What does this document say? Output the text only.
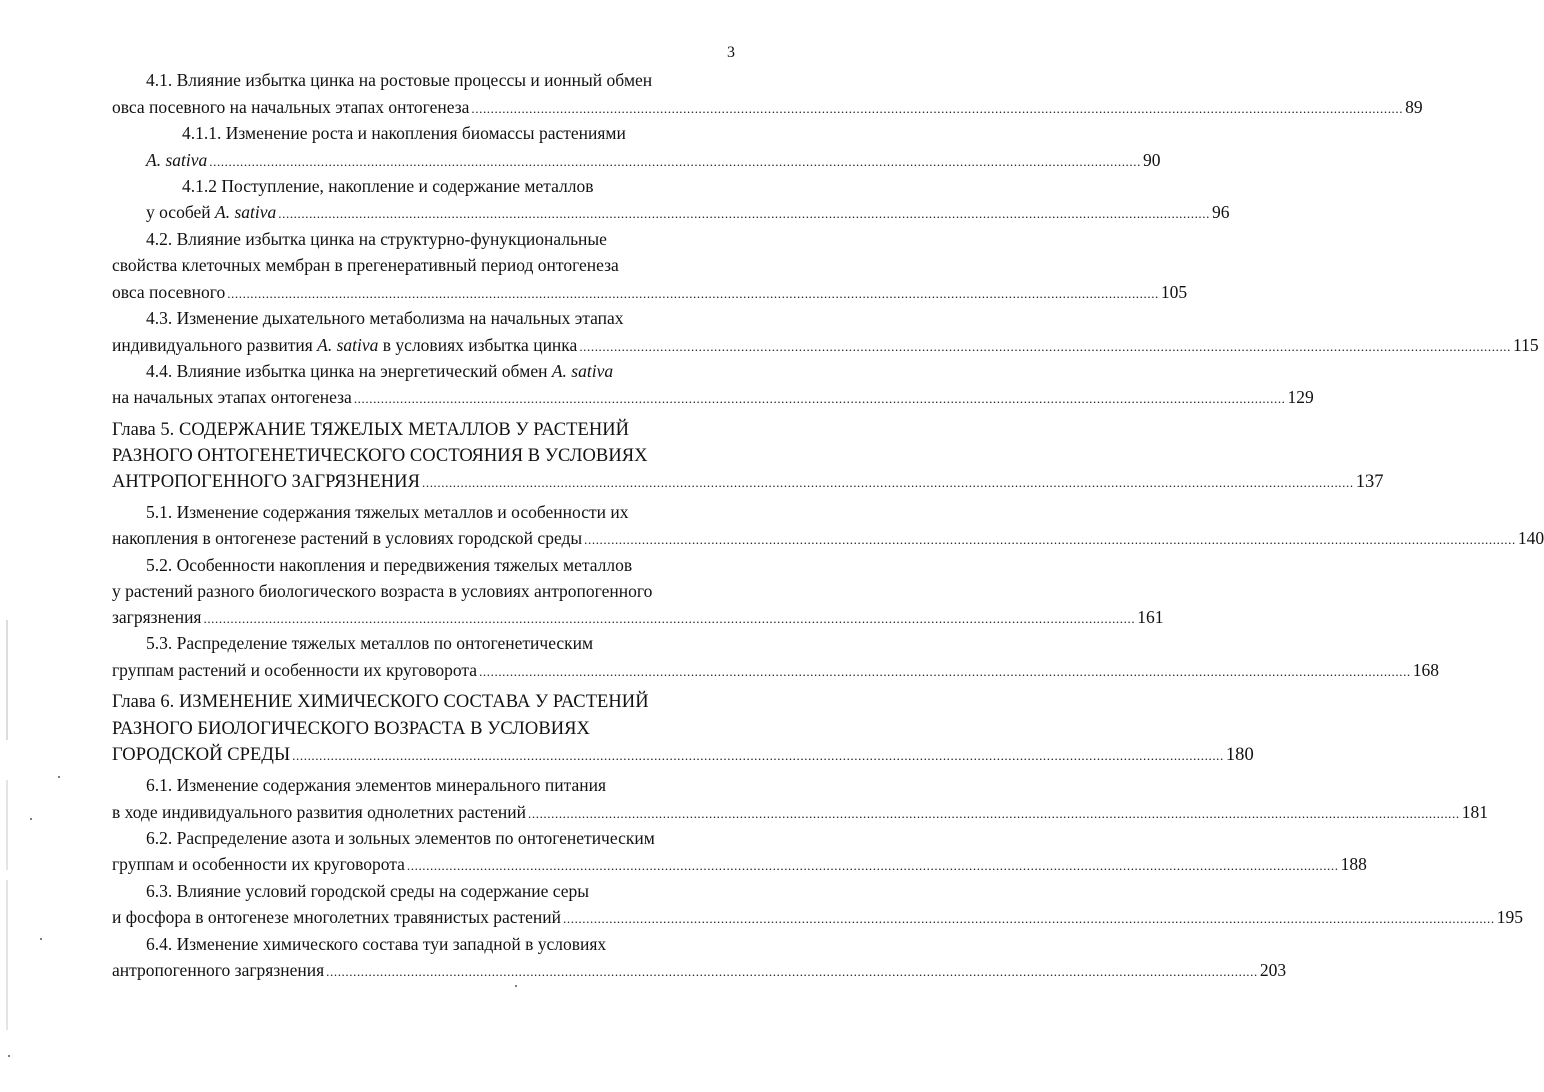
3
4.1. Влияние избытка цинка на ростовые процессы и ионный обмен
овса посевного на начальных этапах онтогенеза .................................................................................................................................................................................................................................................. 89
4.1.1. Изменение роста и накопления биомассы растениями
A. sativa .................................................................................................................................................................................................................................................. 90
4.1.2 Поступление, накопление и содержание металлов
у особей A. sativa .................................................................................................................................................................................................................................................. 96
4.2. Влияние избытка цинка на структурно-фунукциональные
свойства клеточных мембран в прегенеративный период онтогенеза
овса посевного .................................................................................................................................................................................................................................................. 105
4.3. Изменение дыхательного метаболизма на начальных этапах
индивидуального развития A. sativa в условиях избытка цинка .................................................................................................................................................................................................................................................. 115
4.4. Влияние избытка цинка на энергетический обмен A. sativa
на начальных этапах онтогенеза .................................................................................................................................................................................................................................................. 129
Глава 5. СОДЕРЖАНИЕ ТЯЖЕЛЫХ МЕТАЛЛОВ У РАСТЕНИЙ
РАЗНОГО ОНТОГЕНЕТИЧЕСКОГО СОСТОЯНИЯ В УСЛОВИЯХ
АНТРОПОГЕННОГО ЗАГРЯЗНЕНИЯ .................................................................................................................................................................................................................................................. 137
5.1. Изменение содержания тяжелых металлов и особенности их
накопления в онтогенезе растений в условиях городской среды .................................................................................................................................................................................................................................................. 140
5.2. Особенности накопления и передвижения тяжелых металлов
у растений разного биологического возраста в условиях антропогенного
загрязнения .................................................................................................................................................................................................................................................. 161
5.3. Распределение тяжелых металлов по онтогенетическим
группам растений и особенности их круговорота .................................................................................................................................................................................................................................................. 168
Глава 6. ИЗМЕНЕНИЕ ХИМИЧЕСКОГО СОСТАВА У РАСТЕНИЙ
РАЗНОГО БИОЛОГИЧЕСКОГО ВОЗРАСТА В УСЛОВИЯХ
ГОРОДСКОЙ СРЕДЫ .................................................................................................................................................................................................................................................. 180
6.1. Изменение содержания элементов минерального питания
в ходе индивидуального развития однолетних растений .................................................................................................................................................................................................................................................. 181
6.2. Распределение азота и зольных элементов по онтогенетическим
группам и особенности их круговорота .................................................................................................................................................................................................................................................. 188
6.3. Влияние условий городской среды на содержание серы
и фосфора в онтогенезе многолетних травянистых растений .................................................................................................................................................................................................................................................. 195
6.4. Изменение химического состава туи западной в условиях
антропогенного загрязнения .................................................................................................................................................................................................................................................. 203
